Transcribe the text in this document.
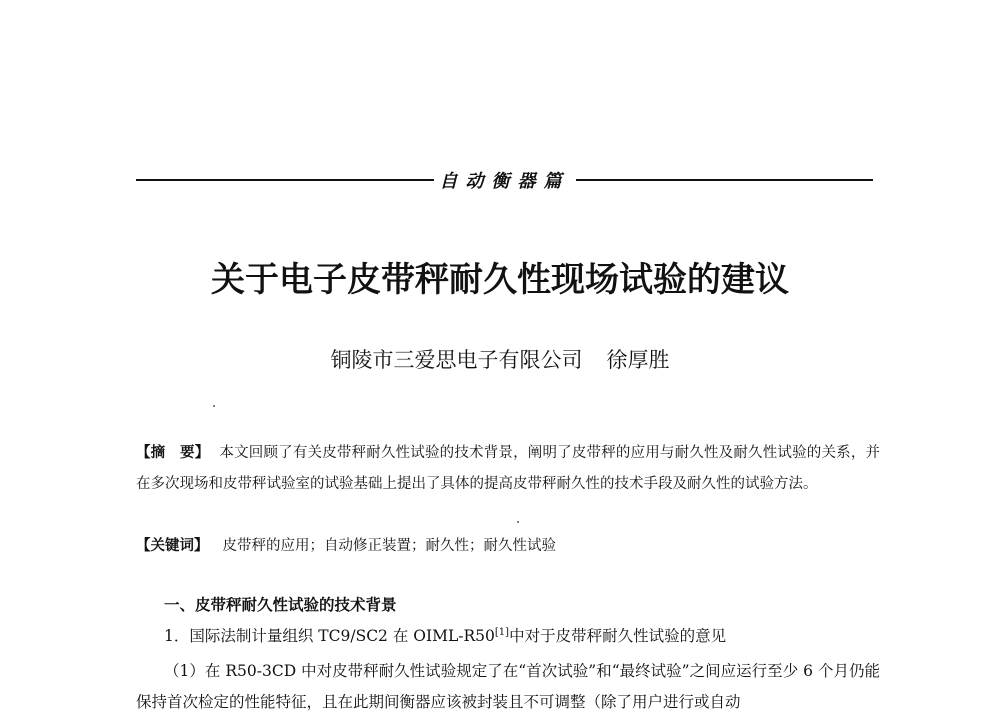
自动衡器篇
关于电子皮带秤耐久性现场试验的建议
铜陵市三爱思电子有限公司 徐厚胜
【摘　要】 本文回顾了有关皮带秤耐久性试验的技术背景，阐明了皮带秤的应用与耐久性及耐久性试验的关系，并在多次现场和皮带秤试验室的试验基础上提出了具体的提高皮带秤耐久性的技术手段及耐久性的试验方法。
【关键词】 皮带秤的应用；自动修正装置；耐久性；耐久性试验
一、皮带秤耐久性试验的技术背景
1．国际法制计量组织 TC9/SC2 在 OIML-R50[1]中对于皮带秤耐久性试验的意见
（1）在 R50-3CD 中对皮带秤耐久性试验规定了在“首次试验”和“最终试验”之间应运行至少 6 个月仍能保持首次检定的性能特征，且在此期间衡器应该被封装且不可调整（除了用户进行或自动
